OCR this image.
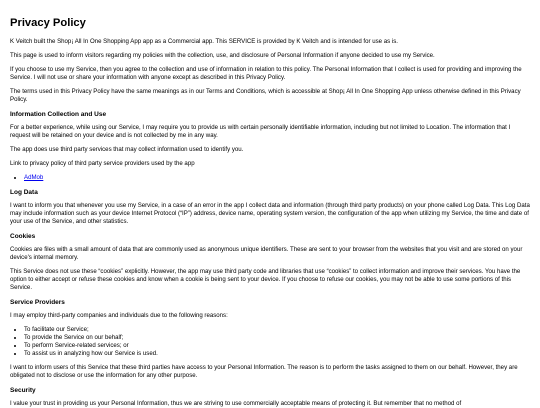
Privacy Policy

K Veitch built the Shop¡ All In One Shopping App app as a Commercial app. This SERVICE is provided by K Veitch and is intended for use as is.

This page is used to inform visitors regarding my policies with the collection, use, and disclosure of Personal Information if anyone decided to use my Service.

If you choose to use my Service, then you agree to the collection and use of information in relation to this policy. The Personal Information that I collect is used for providing and improving the Service. I will not use or share your information with anyone except as described in this Privacy Policy.

The terms used in this Privacy Policy have the same meanings as in our Terms and Conditions, which is accessible at Shop¡ All In One Shopping App unless otherwise defined in this Privacy Policy.

Information Collection and Use

For a better experience, while using our Service, I may require you to provide us with certain personally identifiable information, including but not limited to Location. The information that I request will be retained on your device and is not collected by me in any way.

The app does use third party services that may collect information used to identify you.

Link to privacy policy of third party service providers used by the app

• AdMob
Log Data

I want to inform you that whenever you use my Service, in a case of an error in the app I collect data and information (through third party products) on your phone called Log Data. This Log Data may include information such as your device Internet Protocol (“IP”) address, device name, operating system version, the configuration of the app when utilizing my Service, the time and date of your use of the Service, and other statistics.

Cookies

Cookies are files with a small amount of data that are commonly used as anonymous unique identifiers. These are sent to your browser from the websites that you visit and are stored on your device's internal memory.

This Service does not use these “cookies” explicitly. However, the app may use third party code and libraries that use “cookies” to collect information and improve their services. You have the option to either accept or refuse these cookies and know when a cookie is being sent to your device. If you choose to refuse our cookies, you may not be able to use some portions of this Service.

Service Providers

I may employ third-party companies and individuals due to the following reasons:

• To facilitate our Service;
• To provide the Service on our behalf;
• To perform Service-related services; or
• To assist us in analyzing how our Service is used.

I want to inform users of this Service that these third parties have access to your Personal Information. The reason is to perform the tasks assigned to them on our behalf. However, they are obligated not to disclose or use the information for any other purpose.

Security

I value your trust in providing us your Personal Information, thus we are striving to use commercially acceptable means of protecting it. But remember that no method of
